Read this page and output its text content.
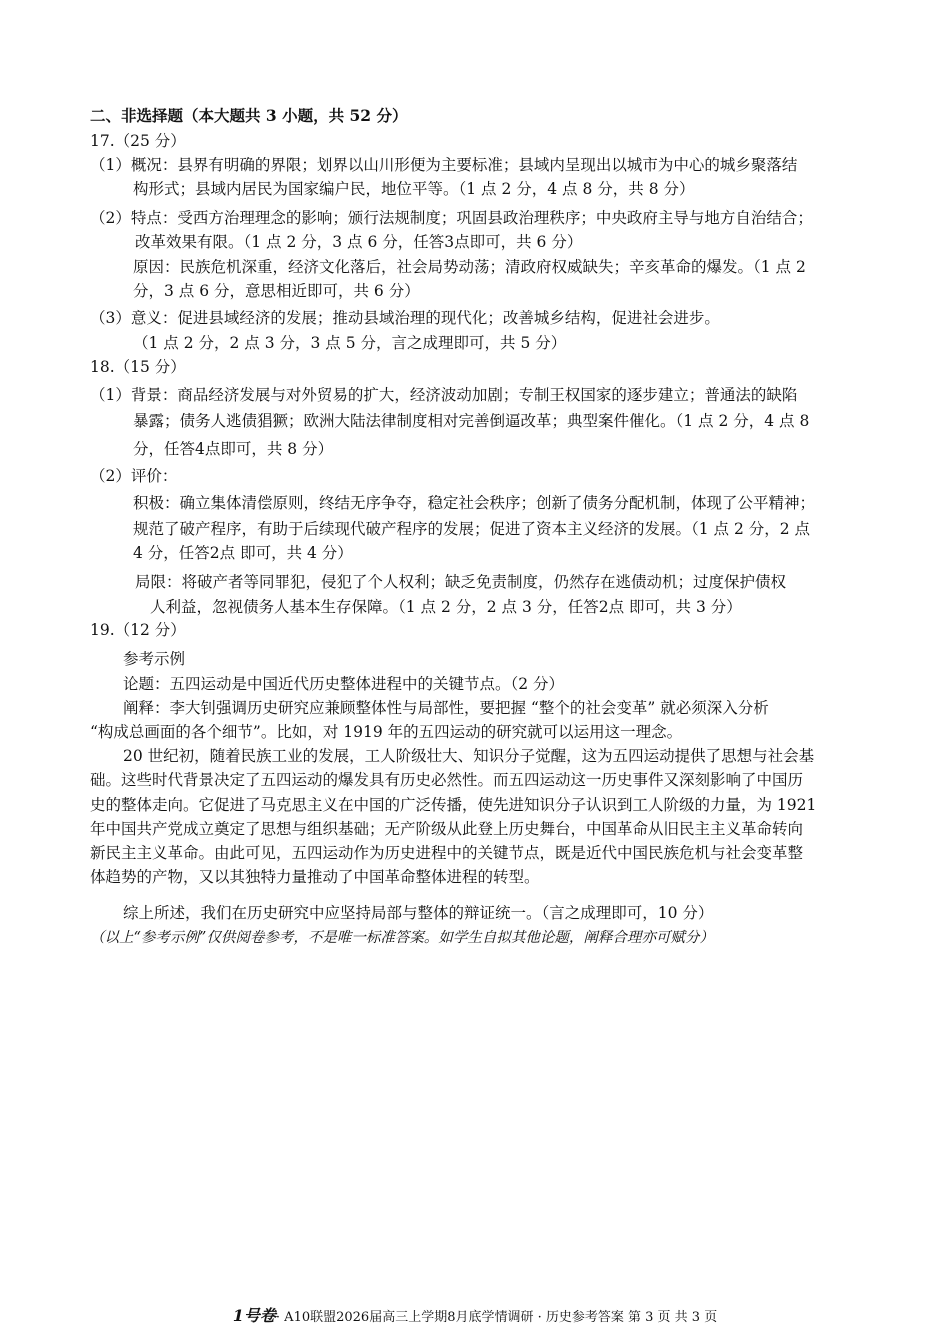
二、非选择题（本大题共 3 小题，共 52 分）
17.（25 分）
（1）概况：县界有明确的界限；划界以山川形便为主要标准；县域内呈现出以城市为中心的城乡聚落结
构形式；县域内居民为国家编户民，地位平等。（1 点 2 分，4 点 8 分，共 8 分）
（2）特点：受西方治理理念的影响；颁行法规制度；巩固县政治理秩序；中央政府主导与地方自治结合；
改革效果有限。（1 点 2 分，3 点 6 分，任答3点即可，共 6 分）
原因：民族危机深重，经济文化落后，社会局势动荡；清政府权威缺失；辛亥革命的爆发。（1 点 2
分，3 点 6 分，意思相近即可，共 6 分）
（3）意义：促进县域经济的发展；推动县域治理的现代化；改善城乡结构，促进社会进步。
（1 点 2 分，2 点 3 分，3 点 5 分，言之成理即可，共 5 分）
18.（15 分）
（1）背景：商品经济发展与对外贸易的扩大，经济波动加剧；专制王权国家的逐步建立；普通法的缺陷
暴露；债务人逃债猖獗；欧洲大陆法律制度相对完善倒逼改革；典型案件催化。（1 点 2 分，4 点 8
分，任答4点即可，共 8 分）
（2）评价：
积极：确立集体清偿原则，终结无序争夺，稳定社会秩序；创新了债务分配机制，体现了公平精神；
规范了破产程序，有助于后续现代破产程序的发展；促进了资本主义经济的发展。（1 点 2 分，2 点
4 分，任答2点 即可，共 4 分）
局限：将破产者等同罪犯，侵犯了个人权利；缺乏免责制度，仍然存在逃债动机；过度保护债权
人利益，忽视债务人基本生存保障。（1 点 2 分，2 点 3 分，任答2点 即可，共 3 分）
19.（12 分）
参考示例
论题：五四运动是中国近代历史整体进程中的关键节点。（2 分）
阐释：李大钊强调历史研究应兼顾整体性与局部性，要把握 “整个的社会变革” 就必须深入分析
“构成总画面的各个细节”。比如，对 1919 年的五四运动的研究就可以运用这一理念。
20 世纪初，随着民族工业的发展，工人阶级壮大、知识分子觉醒，这为五四运动提供了思想与社会基
础。这些时代背景决定了五四运动的爆发具有历史必然性。而五四运动这一历史事件又深刻影响了中国历
史的整体走向。它促进了马克思主义在中国的广泛传播，使先进知识分子认识到工人阶级的力量，为 1921
年中国共产党成立奠定了思想与组织基础；无产阶级从此登上历史舞台，中国革命从旧民主主义革命转向
新民主主义革命。由此可见，五四运动作为历史进程中的关键节点，既是近代中国民族危机与社会变革整
体趋势的产物，又以其独特力量推动了中国革命整体进程的转型。
综上所述，我们在历史研究中应坚持局部与整体的辩证统一。（言之成理即可，10 分）
（以上“参考示例”仅供阅卷参考，不是唯一标准答案。如学生自拟其他论题，阐释合理亦可赋分）
1号卷· A10联盟2026届高三上学期8月底学情调研 · 历史参考答案 第 3 页 共 3 页
